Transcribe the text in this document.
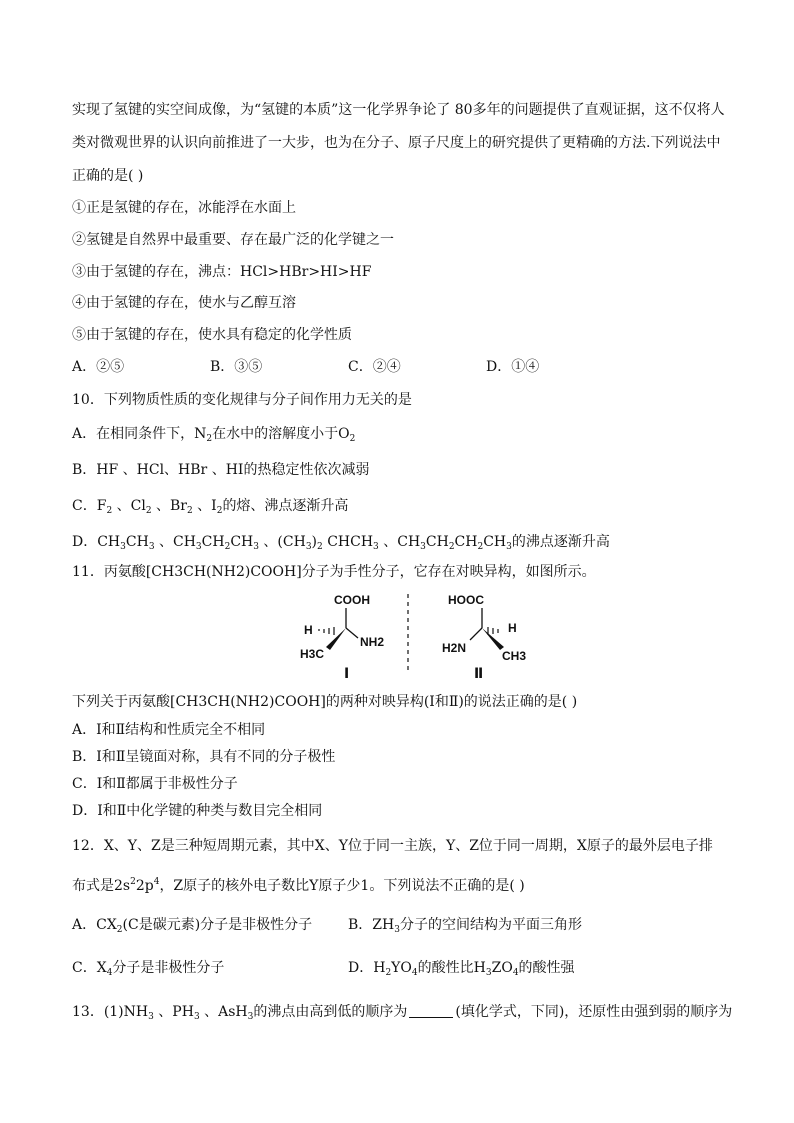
实现了氢键的实空间成像，为“氢键的本质”这一化学界争论了 80多年的问题提供了直观证据，这不仅将人
类对微观世界的认识向前推进了一大步，也为在分子、原子尺度上的研究提供了更精确的方法.下列说法中
正确的是( )
①正是氢键的存在，冰能浮在水面上
②氢键是自然界中最重要、存在最广泛的化学键之一
③由于氢键的存在，沸点：HCl>HBr>HI>HF
④由于氢键的存在，使水与乙醇互溶
⑤由于氢键的存在，使水具有稳定的化学性质
A．②⑤	B．③⑤	C．②④	D．①④
10．下列物质性质的变化规律与分子间作用力无关的是
A．在相同条件下，$N_2$在水中的溶解度小于$O_2$
B．HF 、HCl、HBr 、HI的热稳定性依次减弱
C．$F_2$ 、$Cl_2$ 、$Br_2$ 、$I_2$的熔、沸点逐渐升高
D．$CH_3CH_3$ 、$CH_3CH_2CH_3$ 、$(CH_3)_2$ $CHCH_3$ 、$CH_3CH_2CH_2CH_3$的沸点逐渐升高
11．丙氨酸[CH3CH(NH2)COOH]分子为手性分子，它存在对映异构，如图所示。
COOH
H
NH2
H3C
Ⅰ
HOOC
H
H2N
CH3
Ⅱ
下列关于丙氨酸[CH3CH(NH2)COOH]的两种对映异构(Ⅰ和Ⅱ)的说法正确的是( )
A．Ⅰ和Ⅱ结构和性质完全不相同
B．Ⅰ和Ⅱ呈镜面对称，具有不同的分子极性
C．Ⅰ和Ⅱ都属于非极性分子
D．Ⅰ和Ⅱ中化学键的种类与数目完全相同
12．X、Y、Z是三种短周期元素，其中X、Y位于同一主族，Y、Z位于同一周期，X原子的最外层电子排
布式是$2s^22p^4$，Z原子的核外电子数比Y原子少1。下列说法不正确的是( )
A．$CX_2(C$是碳元素)分子是非极性分子	B．$ZH_3$分子的空间结构为平面三角形
C．$X_4$分子是非极性分子	D．$H_2YO_4$的酸性比$H_3ZO_4$的酸性强
13．$(1)NH_3$ 、$PH_3$ 、AsH$_3$的沸点由高到低的顺序为	(填化学式，下同)，还原性由强到弱的顺序为
